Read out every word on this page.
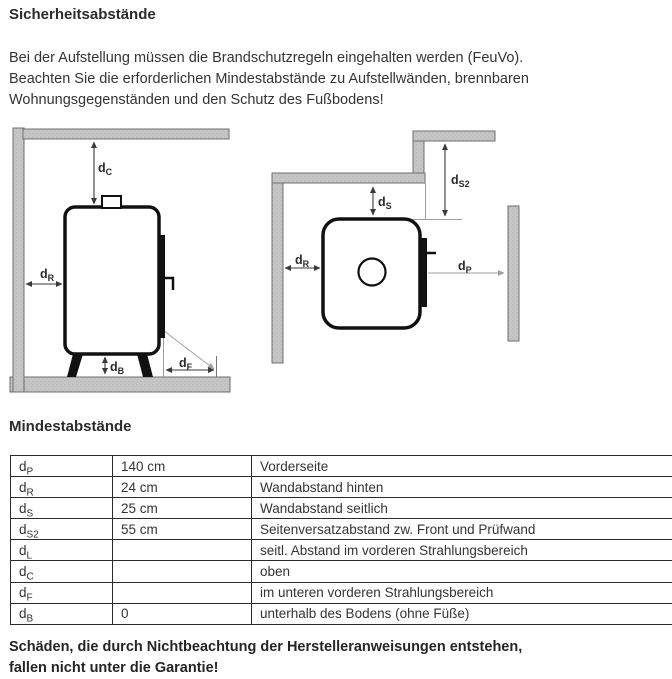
Sicherheitsabstände
Bei der Aufstellung müssen die Brandschutzregeln eingehalten werden (FeuVo).
Beachten Sie die erforderlichen Mindestabstände zu Aufstellwänden, brennbaren
Wohnungsgegenständen und den Schutz des Fußbodens!
$d_C$
$d_R$
$d_B$
$d_F$
$d_S$
$d_{S2}$
$d_R$	$d_P$
Mindestabstände
$d_P$	140 cm	Vorderseite
$d_R$	24 cm	Wandabstand hinten
$d_S$	25 cm	Wandabstand seitlich
$d_{S2}$	55 cm	Seitenversatzabstand zw. Front und Prüfwand
$d_L$		seitl. Abstand im vorderen Strahlungsbereich
$d_C$		oben
$d_F$		im unteren vorderen Strahlungsbereich
$d_B$	0	unterhalb des Bodens (ohne Füße)
Schäden, die durch Nichtbeachtung der Herstelleranweisungen entstehen,
fallen nicht unter die Garantie!
